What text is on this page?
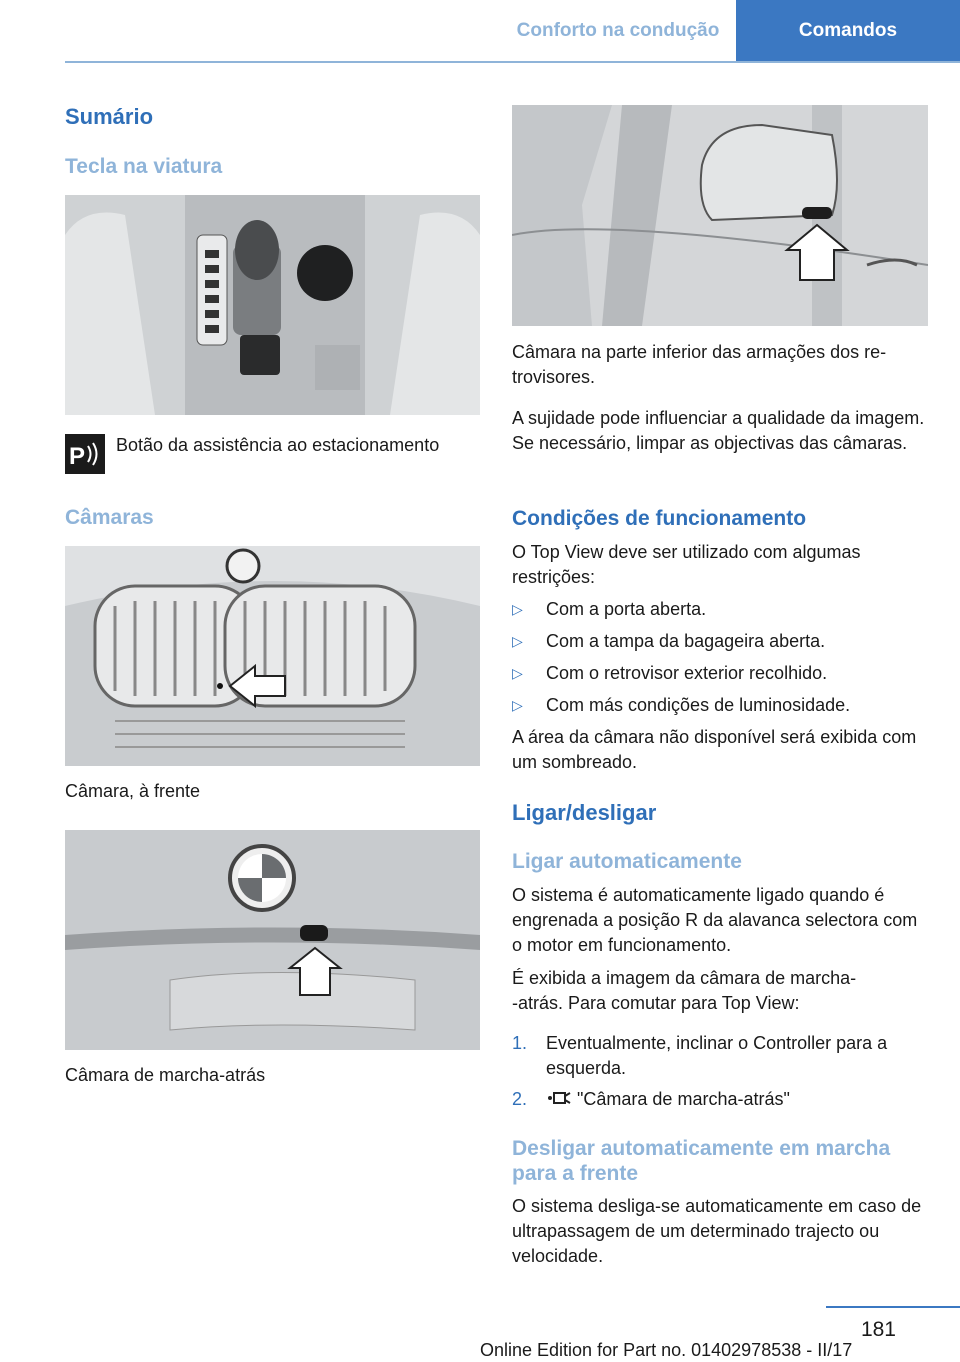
Conforto na condução	Comandos
Sumário
Tecla na viatura
P Botão da assistência ao estacionamento
Câmaras
Câmara, à frente
Câmara de marcha-atrás
Câmara na parte inferior das armações dos re-
trovisores.
A sujidade pode influenciar a qualidade da imagem. Se necessário, limpar as objectivas das câmaras.
Condições de funcionamento
O Top View deve ser utilizado com algumas restrições:
▷ Com a porta aberta.
▷ Com a tampa da bagageira aberta.
▷ Com o retrovisor exterior recolhido.
▷ Com más condições de luminosidade.
A área da câmara não disponível será exibida com um sombreado.
Ligar/desligar
Ligar automaticamente
O sistema é automaticamente ligado quando é engrenada a posição R da alavanca selectora com o motor em funcionamento.
É exibida a imagem da câmara de marcha-
-atrás. Para comutar para Top View:
1. Eventualmente, inclinar o Controller para a esquerda.
2.	"Câmara de marcha-atrás"
Desligar automaticamente em marcha para a frente
O sistema desliga-se automaticamente em caso de ultrapassagem de um determinado trajecto ou velocidade.
181
Online Edition for Part no. 01402978538 - II/17
